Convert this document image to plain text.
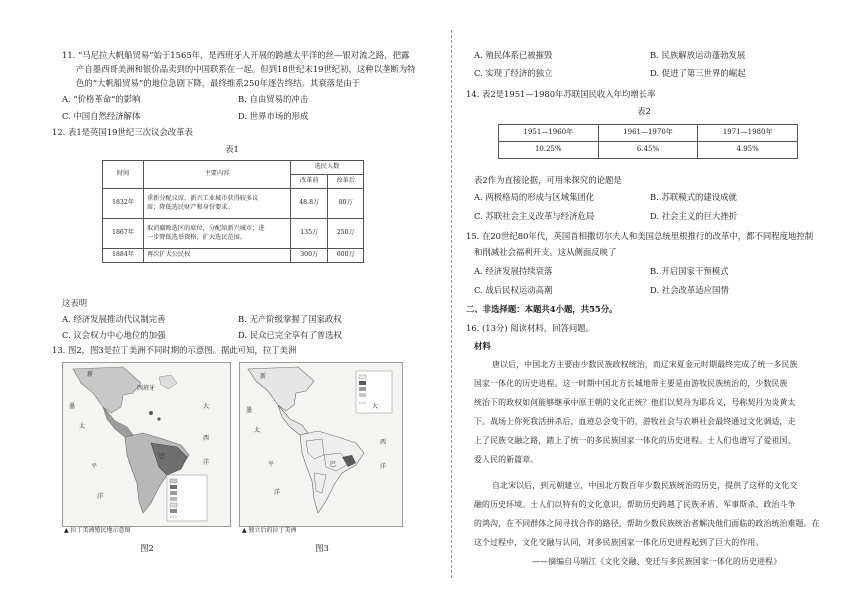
11. “马尼拉大帆船贸易”始于1565年，是西班牙人开展的跨越太平洋的丝—银对流之路，把露
产自墨西哥美洲和银价品卖到的中国联系在一起。但到18世纪末19世纪初，这种以垄断为特
色的“大帆船贸易”的地位急剧下降，最终维系250年逐告终结。其衰落是由于
A. “价格革命”的影响	B. 自由贸易的冲击
C. 中国自然经济解体	D. 世界市场的形成
12. 表1是英国19世纪三次议会改革表
表1
时间	主要内容	选民人数	
		改革前	改革后
1832年	重新分配议席，新兴工业城市获得较多议
席；降低选民财产和身份要求。	48.8万	80万
1867年	取消腐败选区的席位，分配给新兴城市；进
一步降低选举资格，扩大选民范围。	135万	250万
1884年	再次扩大公民权	300万	600万
这表明
A. 经济发展推动代议制完善	B. 无产阶级掌握了国家政权
C. 议会权力中心地位的加强	D. 民众已完全享有了普选权
13. 图2，图3是拉丁美洲不同时期的示意图。据此可知，拉丁美洲
新
西班牙
墨
太
巴
大
西
洋
平
洋
新
墨
大
西
洋
太
平
洋
巴
▲ 拉丁美洲殖民地示意图	▲ 独立后的拉丁美洲
图2	图3
A. 殖民体系已被摧毁	B. 民族解放运动蓬勃发展
C. 实现了经济的独立	D. 促进了第三世界的崛起
14. 表2是1951—1980年苏联国民收入年均增长率
表2
1951—1960年	1961—1970年	1971—1980年
10.25%	6.45%	4.95%
表2作为直接论据，可用来探究的论题是
A. 两极格局的形成与区域集团化	B. 苏联模式的建设成就
C. 苏联社会主义改革与经济危局	D. 社会主义的巨大挫折
15. 在20世纪80年代，英国首相撒切尔夫人和美国总统里根推行的改革中，都不同程度地控制
和削减社会福利开支。这从侧面反映了
A. 经济发展持续衰落	B. 开启国家干预模式
C. 战后民权运动高潮	D. 社会改革适应国情
二、非选择题：本题共4小题，共55分。
16. (13分) 阅读材料，回答问题。
材料
唐以后，中国北方主要由少数民族政权统治，而辽宋夏金元时期最终完成了统一多民族
国家一体化的历史进程。这一时期中国北方长城地带主要是由游牧民族统治的，少数民族
统治下的政权如何能够继承中原王朝的文化正统？他们以契丹为耶兵义，号称契丹为炎黄太
下。战场上你死我活拼杀后，血迹总会变干的，游牧社会与农耕社会最终通过文化调适，走
上了民族交融之路，踏上了统一的多民族国家一体化的历史进程。士人们也谱写了爱祖国、
爱人民的新篇章。
自北宋以后，到元朝建立，中国北方数百年少数民族统治的历史，提供了这样的文化交
融的历史环境。士人们以特有的文化意识，帮助历史跨越了民族矛盾、军事斯杀、政治斗争
的鸿沟，在不同群体之间寻找合作的路径，帮助少数民族统治者解决他们面临的政治统治难题。在
这个过程中，文化交融与认同，对多民族国家一体化历史进程起到了巨大的作用。
——摘编自马瑞江《文化交融、变迁与多民族国家一体化的历史进程》
